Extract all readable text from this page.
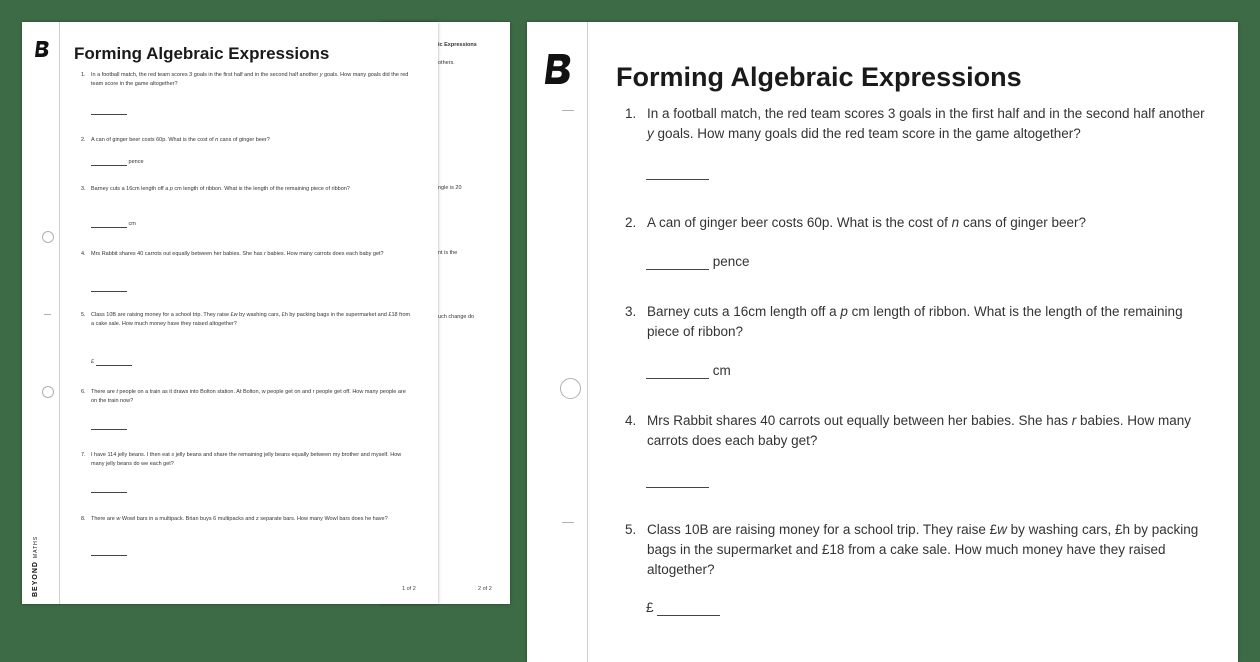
ic Expressions
others.
ngle is 20
nt is the
uch change do
2 of 2
Forming Algebraic Expressions
1. In a football match, the red team scores 3 goals in the first half and in the second half another y goals. How many goals did the red team score in the game altogether?

2. A can of ginger beer costs 60p. What is the cost of n cans of ginger beer?
pence
3. Barney cuts a 16cm length off a p cm length of ribbon. What is the length of the remaining piece of ribbon?
cm
4. Mrs Rabbit shares 40 carrots out equally between her babies. She has r babies. How many carrots does each baby get?

5. Class 10B are raising money for a school trip. They raise £w by washing cars, £h by packing bags in the supermarket and £18 from a cake sale. How much money have they raised altogether?
£
6. There are t people on a train as it draws into Bolton station. At Bolton, w people get on and r people get off. How many people are on the train now?

7. I have 114 jelly beans. I then eat s jelly beans and share the remaining jelly beans equally between my brother and myself. How many jelly beans do we each get?

8. There are w Wowl bars in a multipack. Brian buys 6 multipacks and z separate bars. How many Wowl bars does he have?

BEYONDMATHS
1 of 2
Forming Algebraic Expressions
1. In a football match, the red team scores 3 goals in the first half and in the second half another y goals. How many goals did the red team score in the game altogether?

2. A can of ginger beer costs 60p. What is the cost of n cans of ginger beer?
pence
3. Barney cuts a 16cm length off a p cm length of ribbon. What is the length of the remaining piece of ribbon?
cm
4. Mrs Rabbit shares 40 carrots out equally between her babies. She has r babies. How many carrots does each baby get?

5. Class 10B are raising money for a school trip. They raise £w by washing cars, £h by packing bags in the supermarket and £18 from a cake sale. How much money have they raised altogether?
£
